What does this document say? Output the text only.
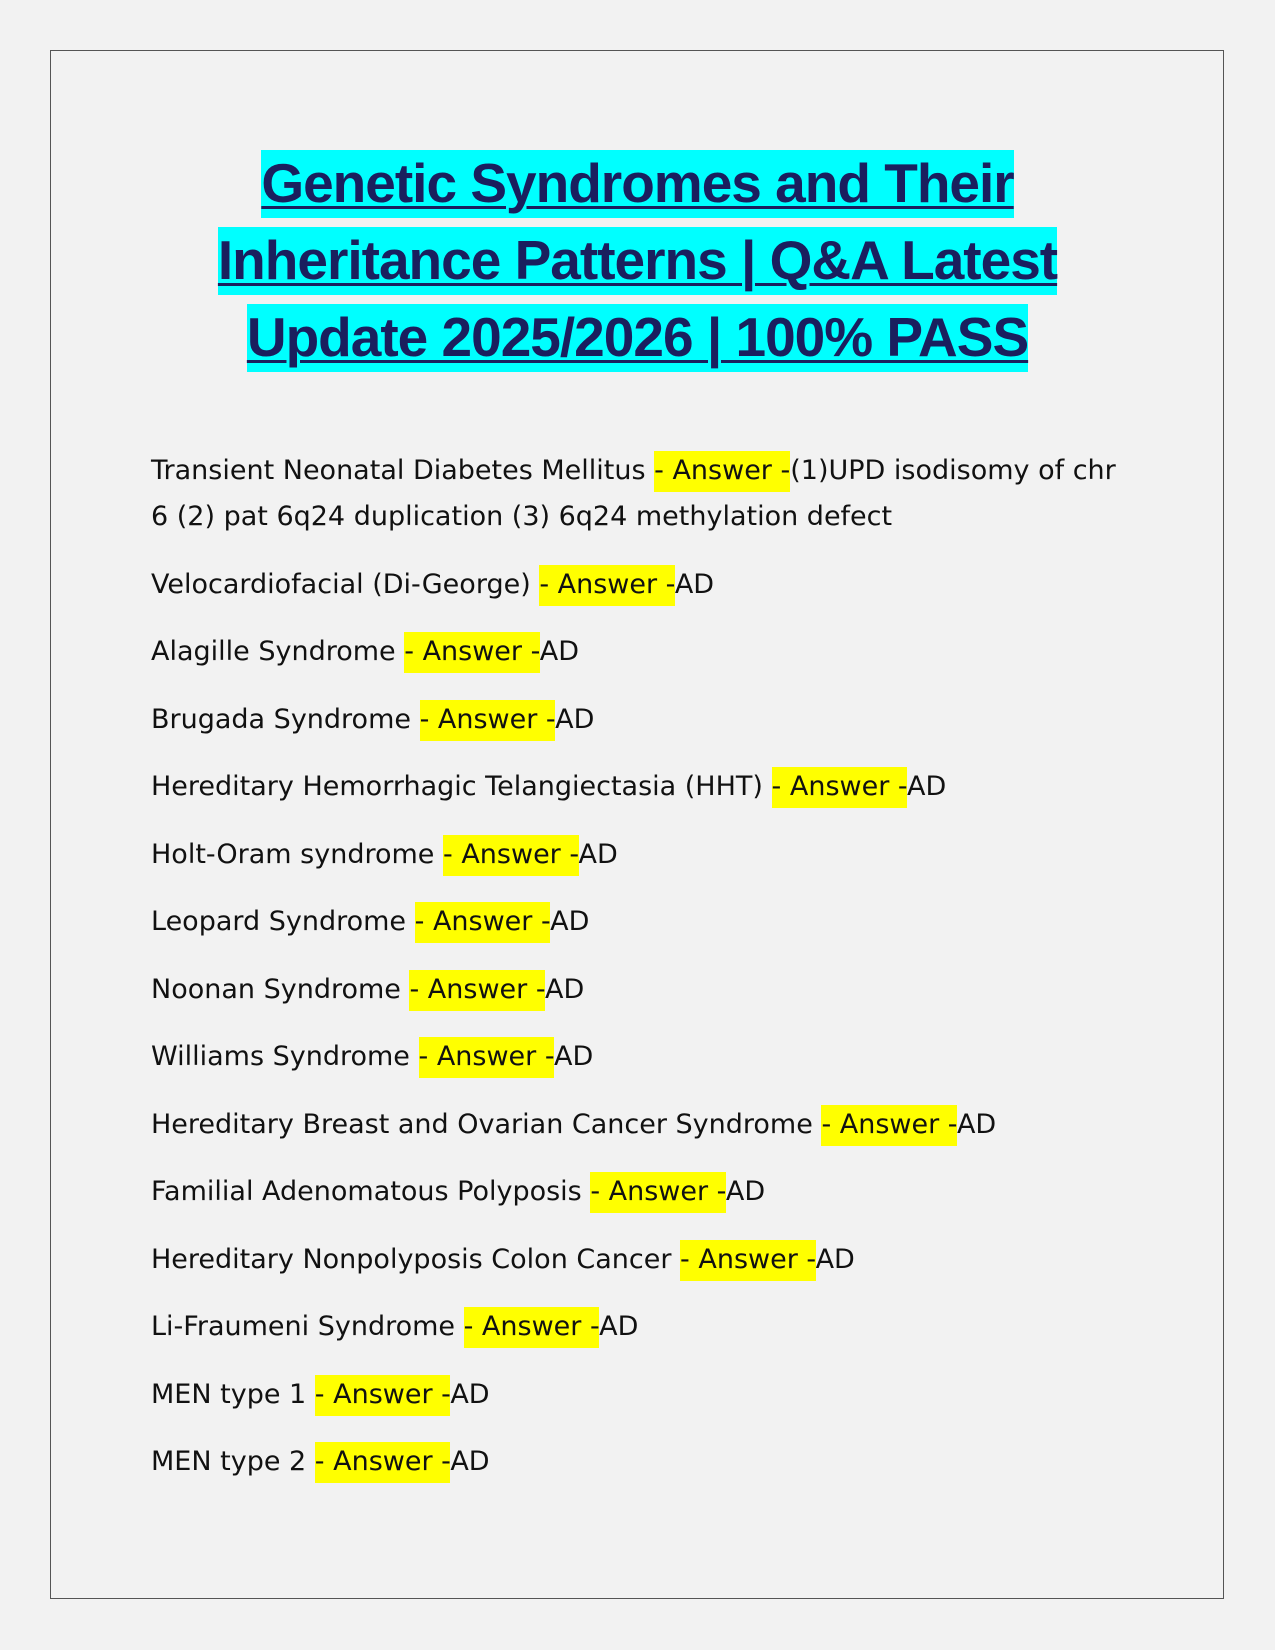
Genetic Syndromes and Their
Inheritance Patterns | Q&A Latest
Update 2025/2026 | 100% PASS
Transient Neonatal Diabetes Mellitus - Answer -(1)UPD isodisomy of chr 6 (2) pat 6q24 duplication (3) 6q24 methylation defect
Velocardiofacial (Di-George) - Answer -AD
Alagille Syndrome - Answer -AD
Brugada Syndrome - Answer -AD
Hereditary Hemorrhagic Telangiectasia (HHT) - Answer -AD
Holt-Oram syndrome - Answer -AD
Leopard Syndrome - Answer -AD
Noonan Syndrome - Answer -AD
Williams Syndrome - Answer -AD
Hereditary Breast and Ovarian Cancer Syndrome - Answer -AD
Familial Adenomatous Polyposis - Answer -AD
Hereditary Nonpolyposis Colon Cancer - Answer -AD
Li-Fraumeni Syndrome - Answer -AD
MEN type 1 - Answer -AD
MEN type 2 - Answer -AD
